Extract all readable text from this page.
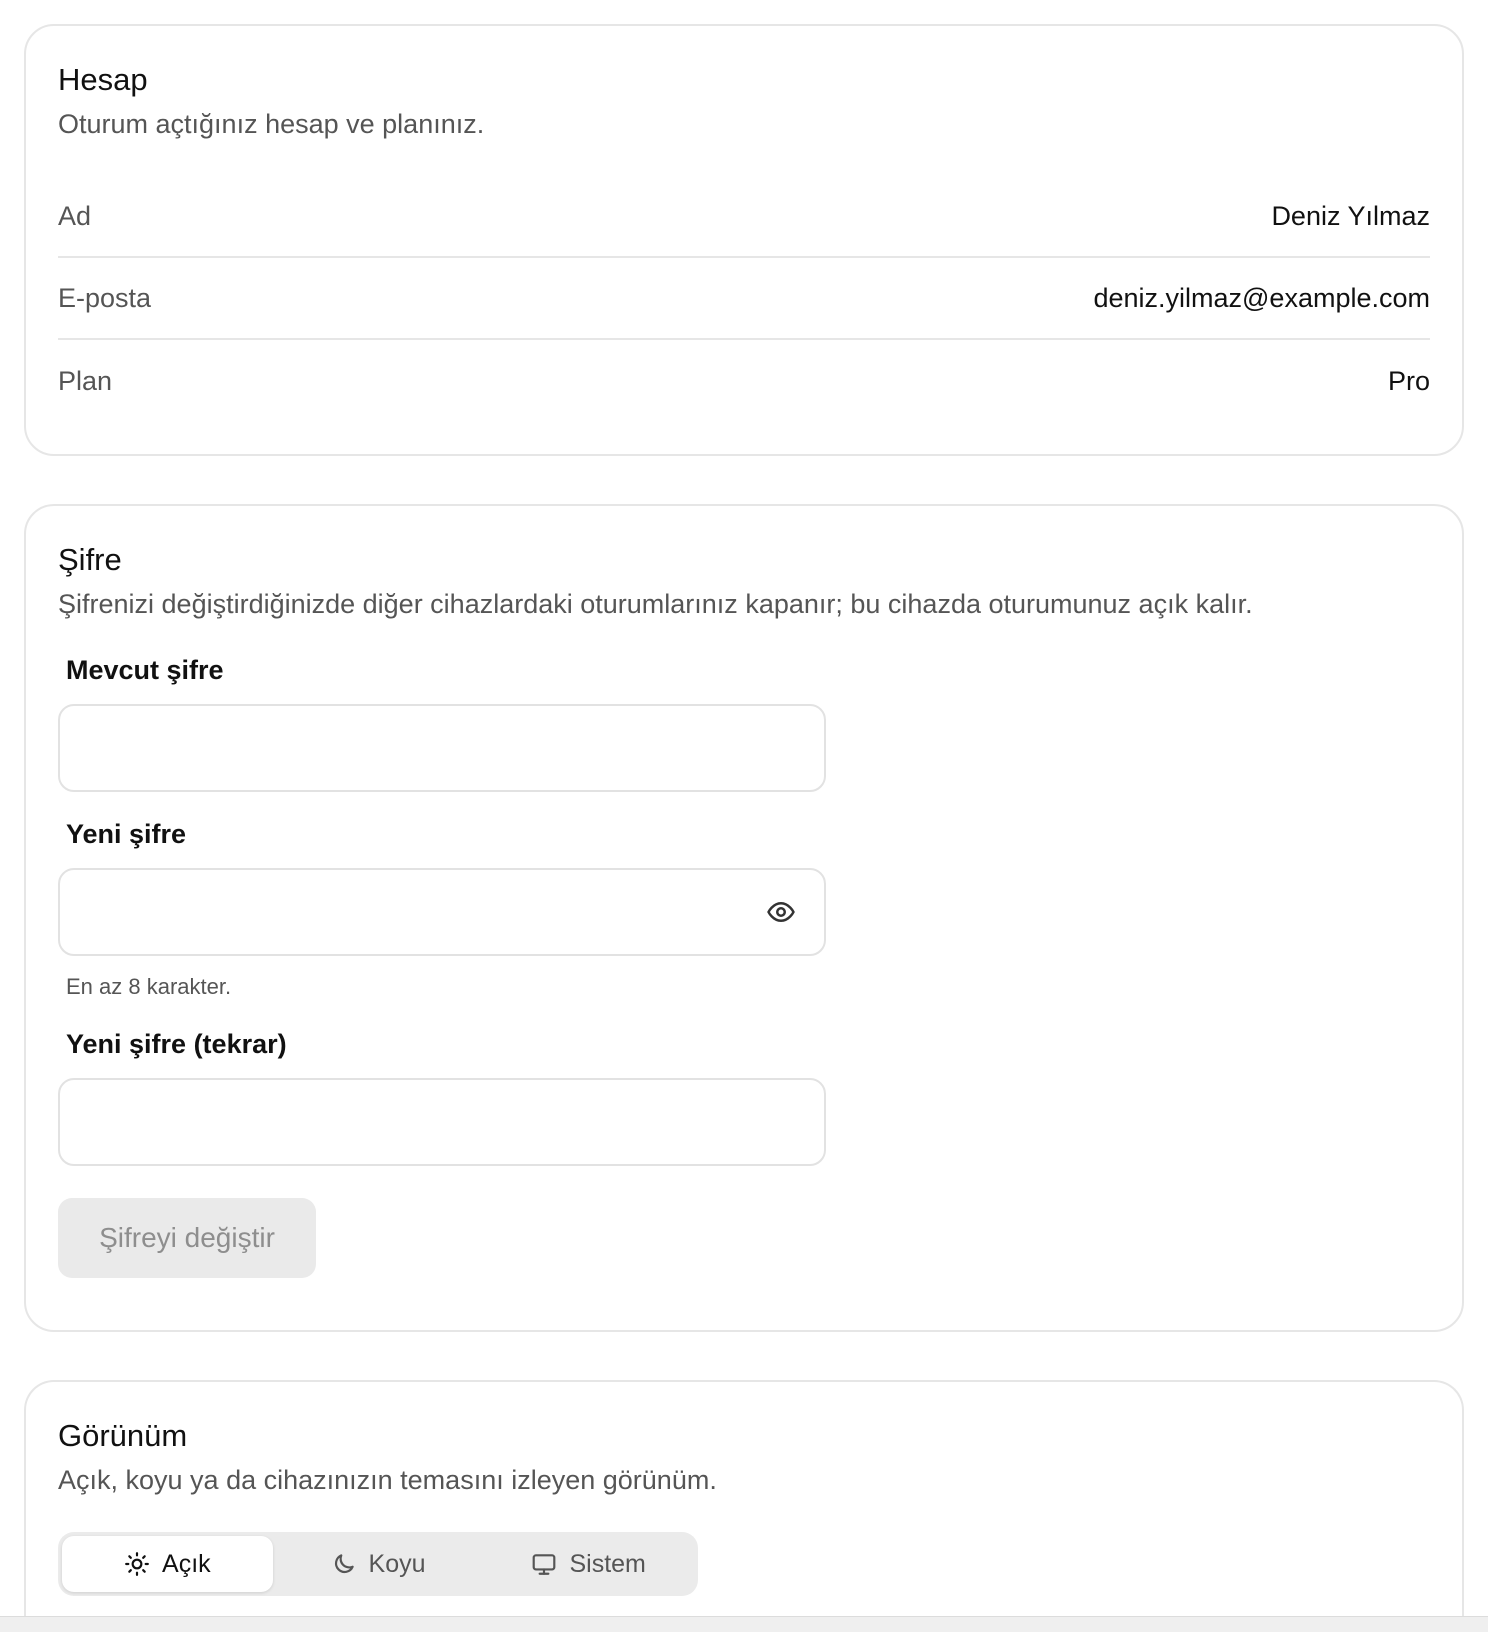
Hesap

Oturum açtığınız hesap ve planınız.

Ad	Deniz Yılmaz
E-posta	deniz.yilmaz@example.com
Plan	Pro
Şifre

Şifrenizi değiştirdiğinizde diğer cihazlardaki oturumlarınız kapanır; bu cihazda oturumunuz açık kalır.

Mevcut şifre
Yeni şifre

En az 8 karakter.

Yeni şifre (tekrar)
Şifreyi değiştir
Görünüm

Açık, koyu ya da cihazınızın temasını izleyen görünüm.

Açık	Koyu	Sistem
